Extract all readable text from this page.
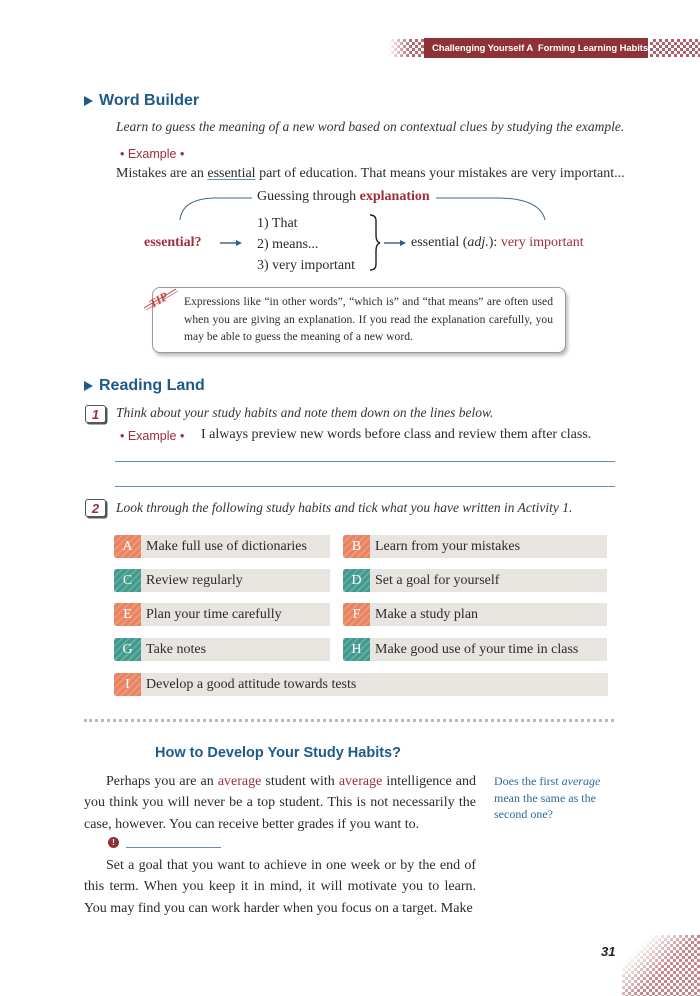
Challenging Yourself A Forming Learning Habits
Word Builder
Learn to guess the meaning of a new word based on contextual clues by studying the example.
• Example •
Mistakes are an essential part of education. That means your mistakes are very important...
Guessing through explanation
essential?
1) That
2) means...
3) very important
essential (adj.): very important
Expressions like “in other words”, “which is” and “that means” are often used when you are giving an explanation. If you read the explanation carefully, you may be able to guess the meaning of a new word.
TIP
Reading Land
1	Think about your study habits and note them down on the lines below.
• Example • I always preview new words before class and review them after class.
2	Look through the following study habits and tick what you have written in Activity 1.
A Make full use of dictionaries	B Learn from your mistakes
C Review regularly	D Set a goal for yourself
E	Plan your time carefully	F	Make a study plan
G Take notes	H Make good use of your time in class
I	Develop a good attitude towards tests
How to Develop Your Study Habits?

Perhaps you are an average student with average intelligence and you think you will never be a top student. This is not necessarily the case, however. You can receive better grades if you want to.

Does the first average mean the same as the second one?
!

Set a goal that you want to achieve in one week or by the end of this term. When you keep it in mind, it will motivate you to learn. You may find you can work harder when you focus on a target. Make

31
